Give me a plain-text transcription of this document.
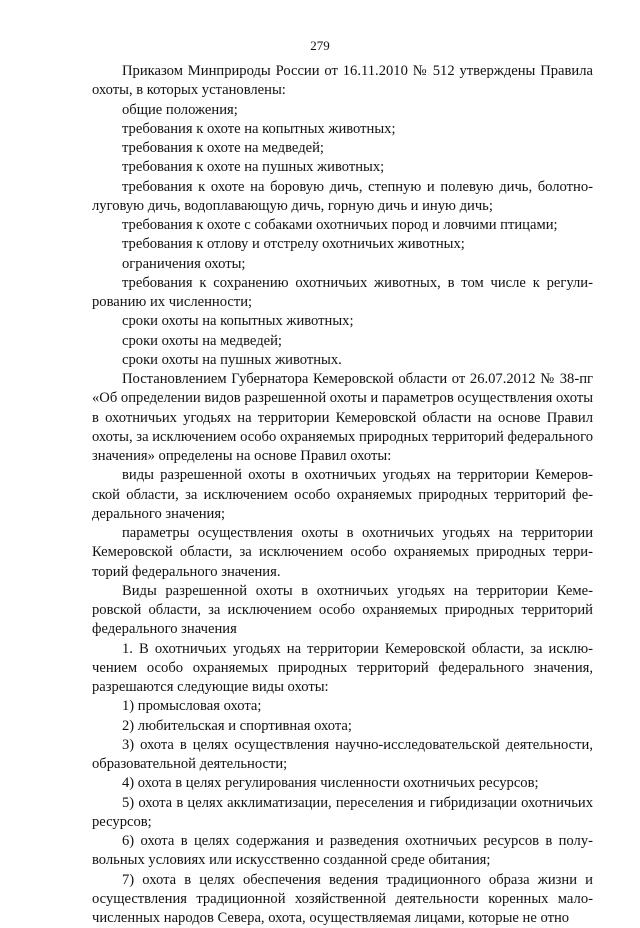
279

Приказом Минприроды России от 16.11.2010 № 512 утверждены Правила охоты, в которых установлены:

общие положения;

требования к охоте на копытных животных;

требования к охоте на медведей;

требования к охоте на пушных животных;

требования к охоте на боровую дичь, степную и полевую дичь, болотнолуговую дичь, водоплавающую дичь, горную дичь и иную дичь;

требования к охоте с собаками охотничьих пород и ловчими птицами;

требования к отлову и отстрелу охотничьих животных;

ограничения охоты;

требования к сохранению охотничьих животных, в том числе к регулированию их численности;

сроки охоты на копытных животных;

сроки охоты на медведей;

сроки охоты на пушных животных.

Постановлением Губернатора Кемеровской области от 26.07.2012 № 38-пг «Об определении видов разрешенной охоты и параметров осуществления охоты в охотничьих угодьях на территории Кемеровской области на основе Правил охоты, за исключением особо охраняемых природных территорий федерального значения» определены на основе Правил охоты:

виды разрешенной охоты в охотничьих угодьях на территории Кемеровской области, за исключением особо охраняемых природных территорий федерального значения;

параметры осуществления охоты в охотничьих угодьях на территории Кемеровской области, за исключением особо охраняемых природных территорий федерального значения.

Виды разрешенной охоты в охотничьих угодьях на территории Кемеровской области, за исключением особо охраняемых природных территорий федерального значения

1. В охотничьих угодьях на территории Кемеровской области, за исключением особо охраняемых природных территорий федерального значения, разрешаются следующие виды охоты:

1) промысловая охота;

2) любительская и спортивная охота;

3) охота в целях осуществления научно-исследовательской деятельности, образовательной деятельности;

4) охота в целях регулирования численности охотничьих ресурсов;

5) охота в целях акклиматизации, переселения и гибридизации охотничьих ресурсов;

6) охота в целях содержания и разведения охотничьих ресурсов в полувольных условиях или искусственно созданной среде обитания;

7) охота в целях обеспечения ведения традиционного образа жизни и осуществления традиционной хозяйственной деятельности коренных малочисленных народов Севера, охота, осуществляемая лицами, которые не отно
